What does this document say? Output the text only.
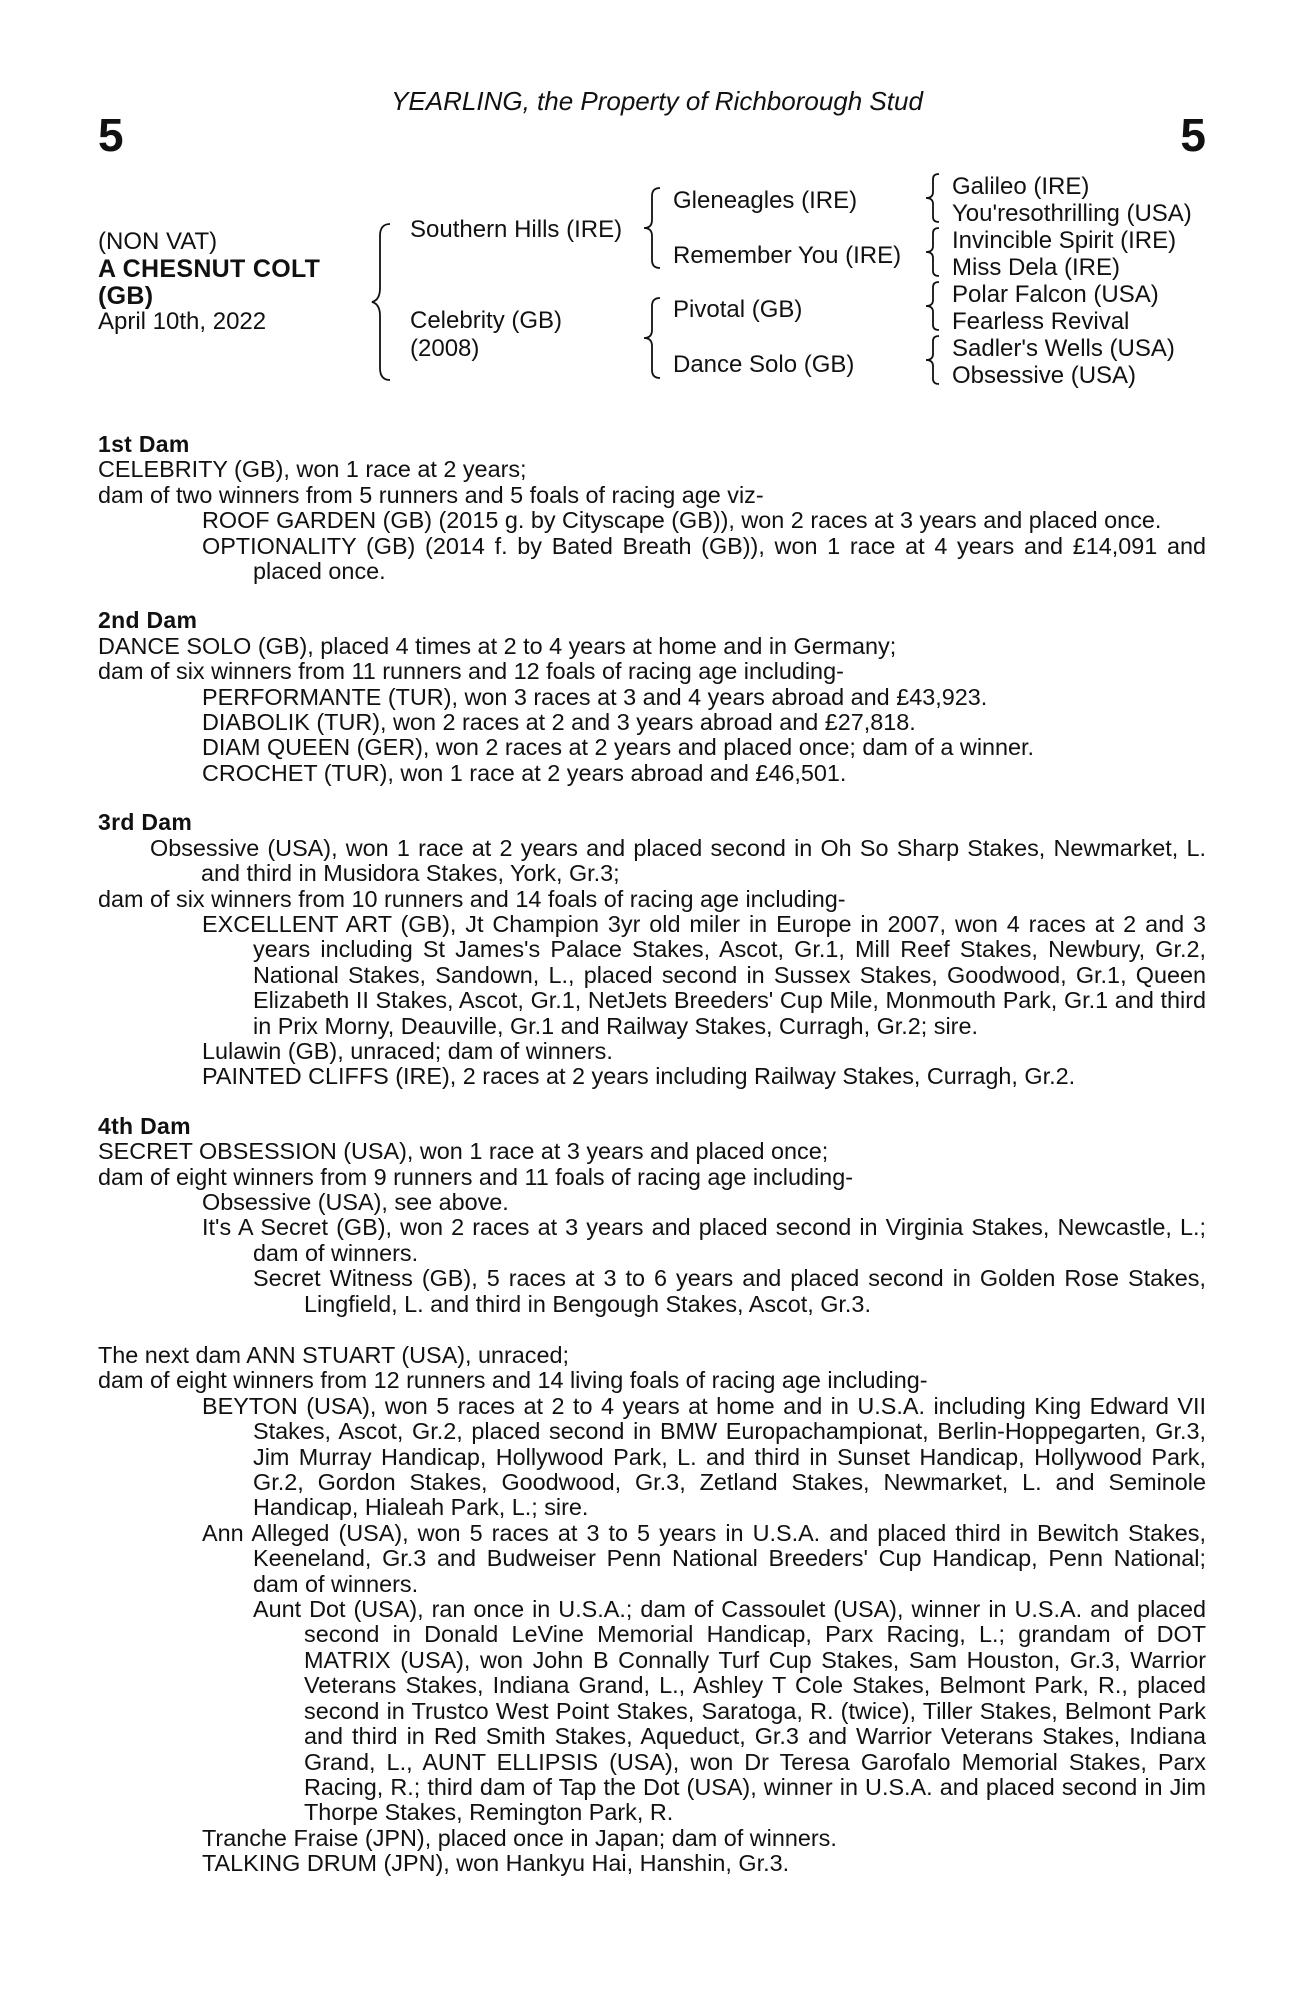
5
YEARLING, the Property of Richborough Stud
5
(NON VAT)
A CHESNUT COLT
(GB)
April 10th, 2022
Southern Hills (IRE)
Celebrity (GB)
(2008)
Gleneagles (IRE)
Remember You (IRE)
Pivotal (GB)
Dance Solo (GB)
Galileo (IRE)
You'resothrilling (USA)
Invincible Spirit (IRE)
Miss Dela (IRE)
Polar Falcon (USA)
Fearless Revival
Sadler's Wells (USA)
Obsessive (USA)
1st Dam
CELEBRITY (GB), won 1 race at 2 years;
dam of two winners from 5 runners and 5 foals of racing age viz-
ROOF GARDEN (GB) (2015 g. by Cityscape (GB)), won 2 races at 3 years and placed once.
OPTIONALITY (GB) (2014 f. by Bated Breath (GB)), won 1 race at 4 years and £14,091 and placed once.
2nd Dam
DANCE SOLO (GB), placed 4 times at 2 to 4 years at home and in Germany;
dam of six winners from 11 runners and 12 foals of racing age including-
PERFORMANTE (TUR), won 3 races at 3 and 4 years abroad and £43,923.
DIABOLIK (TUR), won 2 races at 2 and 3 years abroad and £27,818.
DIAM QUEEN (GER), won 2 races at 2 years and placed once; dam of a winner.
CROCHET (TUR), won 1 race at 2 years abroad and £46,501.
3rd Dam
Obsessive (USA), won 1 race at 2 years and placed second in Oh So Sharp Stakes, Newmarket, L. and third in Musidora Stakes, York, Gr.3;
dam of six winners from 10 runners and 14 foals of racing age including-
EXCELLENT ART (GB), Jt Champion 3yr old miler in Europe in 2007, won 4 races at 2 and 3 years including St James's Palace Stakes, Ascot, Gr.1, Mill Reef Stakes, Newbury, Gr.2, National Stakes, Sandown, L., placed second in Sussex Stakes, Goodwood, Gr.1, Queen Elizabeth II Stakes, Ascot, Gr.1, NetJets Breeders' Cup Mile, Monmouth Park, Gr.1 and third in Prix Morny, Deauville, Gr.1 and Railway Stakes, Curragh, Gr.2; sire.
Lulawin (GB), unraced; dam of winners.
PAINTED CLIFFS (IRE), 2 races at 2 years including Railway Stakes, Curragh, Gr.2.
4th Dam
SECRET OBSESSION (USA), won 1 race at 3 years and placed once;
dam of eight winners from 9 runners and 11 foals of racing age including-
Obsessive (USA), see above.
It's A Secret (GB), won 2 races at 3 years and placed second in Virginia Stakes, Newcastle, L.; dam of winners.
Secret Witness (GB), 5 races at 3 to 6 years and placed second in Golden Rose Stakes, Lingfield, L. and third in Bengough Stakes, Ascot, Gr.3.
The next dam ANN STUART (USA), unraced;
dam of eight winners from 12 runners and 14 living foals of racing age including-
BEYTON (USA), won 5 races at 2 to 4 years at home and in U.S.A. including King Edward VII Stakes, Ascot, Gr.2, placed second in BMW Europachampionat, Berlin-Hoppegarten, Gr.3, Jim Murray Handicap, Hollywood Park, L. and third in Sunset Handicap, Hollywood Park, Gr.2, Gordon Stakes, Goodwood, Gr.3, Zetland Stakes, Newmarket, L. and Seminole Handicap, Hialeah Park, L.; sire.
Ann Alleged (USA), won 5 races at 3 to 5 years in U.S.A. and placed third in Bewitch Stakes, Keeneland, Gr.3 and Budweiser Penn National Breeders' Cup Handicap, Penn National; dam of winners.
Aunt Dot (USA), ran once in U.S.A.; dam of Cassoulet (USA), winner in U.S.A. and placed second in Donald LeVine Memorial Handicap, Parx Racing, L.; grandam of DOT MATRIX (USA), won John B Connally Turf Cup Stakes, Sam Houston, Gr.3, Warrior Veterans Stakes, Indiana Grand, L., Ashley T Cole Stakes, Belmont Park, R., placed second in Trustco West Point Stakes, Saratoga, R. (twice), Tiller Stakes, Belmont Park and third in Red Smith Stakes, Aqueduct, Gr.3 and Warrior Veterans Stakes, Indiana Grand, L., AUNT ELLIPSIS (USA), won Dr Teresa Garofalo Memorial Stakes, Parx Racing, R.; third dam of Tap the Dot (USA), winner in U.S.A. and placed second in Jim Thorpe Stakes, Remington Park, R.
Tranche Fraise (JPN), placed once in Japan; dam of winners.
TALKING DRUM (JPN), won Hankyu Hai, Hanshin, Gr.3.
